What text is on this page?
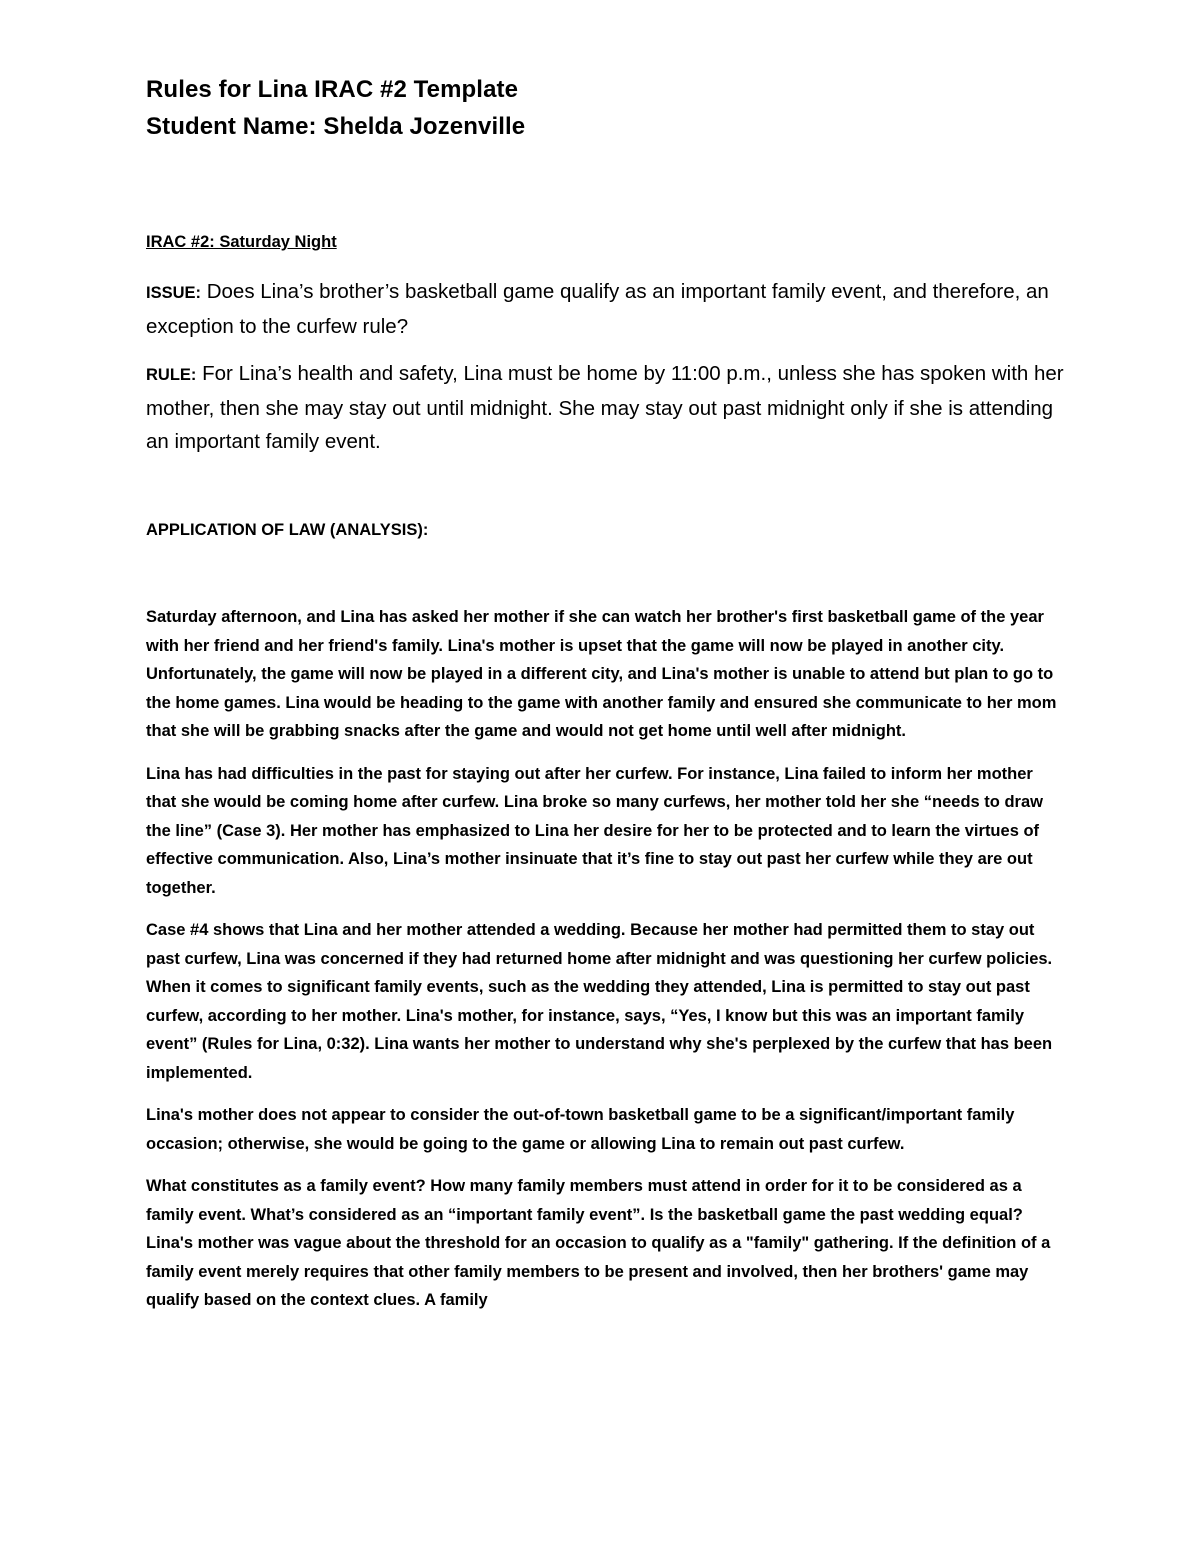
Rules for Lina IRAC #2 Template
Student Name: Shelda Jozenville
IRAC #2: Saturday Night
ISSUE: Does Lina’s brother’s basketball game qualify as an important family event, and therefore, an exception to the curfew rule?
RULE: For Lina’s health and safety, Lina must be home by 11:00 p.m., unless she has spoken with her mother, then she may stay out until midnight. She may stay out past midnight only if she is attending an important family event.
APPLICATION OF LAW (ANALYSIS):

Saturday afternoon, and Lina has asked her mother if she can watch her brother's first basketball game of the year with her friend and her friend's family. Lina's mother is upset that the game will now be played in another city. Unfortunately, the game will now be played in a different city, and Lina's mother is unable to attend but plan to go to the home games. Lina would be heading to the game with another family and ensured she communicate to her mom that she will be grabbing snacks after the game and would not get home until well after midnight.

Lina has had difficulties in the past for staying out after her curfew. For instance, Lina failed to inform her mother that she would be coming home after curfew. Lina broke so many curfews, her mother told her she “needs to draw the line” (Case 3). Her mother has emphasized to Lina her desire for her to be protected and to learn the virtues of effective communication. Also, Lina’s mother insinuate that it’s fine to stay out past her curfew while they are out together.

Case #4 shows that Lina and her mother attended a wedding. Because her mother had permitted them to stay out past curfew, Lina was concerned if they had returned home after midnight and was questioning her curfew policies. When it comes to significant family events, such as the wedding they attended, Lina is permitted to stay out past curfew, according to her mother. Lina's mother, for instance, says, “Yes, I know but this was an important family event” (Rules for Lina, 0:32). Lina wants her mother to understand why she's perplexed by the curfew that has been implemented.

Lina's mother does not appear to consider the out-of-town basketball game to be a significant/important family occasion; otherwise, she would be going to the game or allowing Lina to remain out past curfew.

What constitutes as a family event? How many family members must attend in order for it to be considered as a family event. What’s considered as an “important family event”. Is the basketball game the past wedding equal? Lina's mother was vague about the threshold for an occasion to qualify as a "family" gathering. If the definition of a family event merely requires that other family members to be present and involved, then her brothers' game may qualify based on the context clues. A family
